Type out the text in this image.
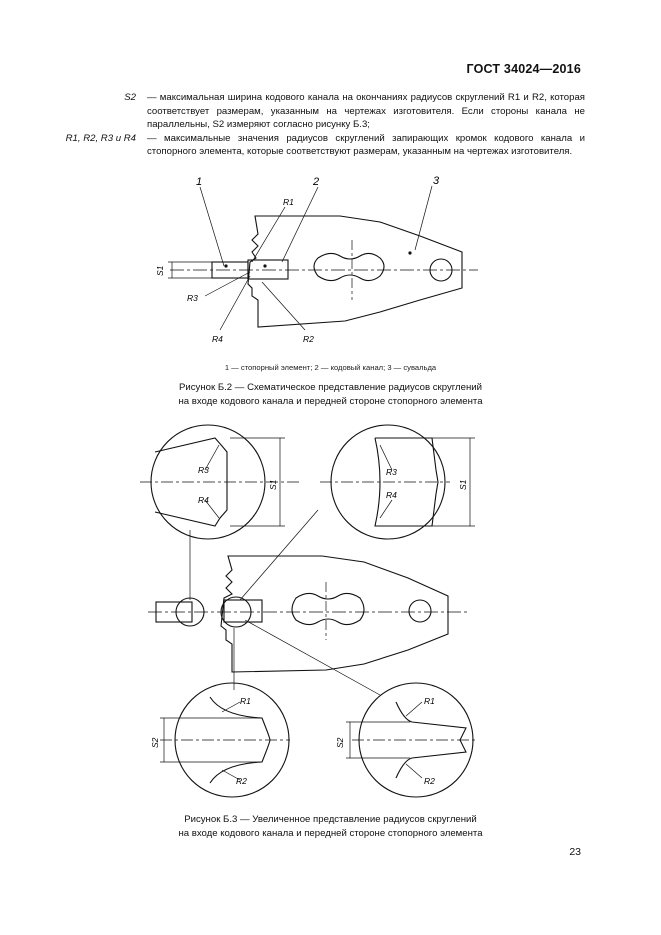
ГОСТ 34024—2016
S2 — максимальная ширина кодового канала на окончаниях радиусов скруглений R1 и R2, которая соответствует размерам, указанным на чертежах изготовителя. Если стороны канала не параллельны, S2 измеряют согласно рисунку Б.3;
R1, R2, R3 и R4 — максимальные значения радиусов скруглений запирающих кромок кодового канала и стопорного элемента, которые соответствуют размерам, указанным на чертежах изготовителя.
1	2	3
R1
R3
R4	R2
S1
R3
R4
S1
R3
R4
S1
R1
R2
S2
R1
R2
S2
1 — стопорный элемент; 2 — кодовый канал; 3 — сувальда
Рисунок Б.2 — Схематическое представление радиусов скруглений
на входе кодового канала и передней стороне стопорного элемента
Рисунок Б.3 — Увеличенное представление радиусов скруглений
на входе кодового канала и передней стороне стопорного элемента
23
